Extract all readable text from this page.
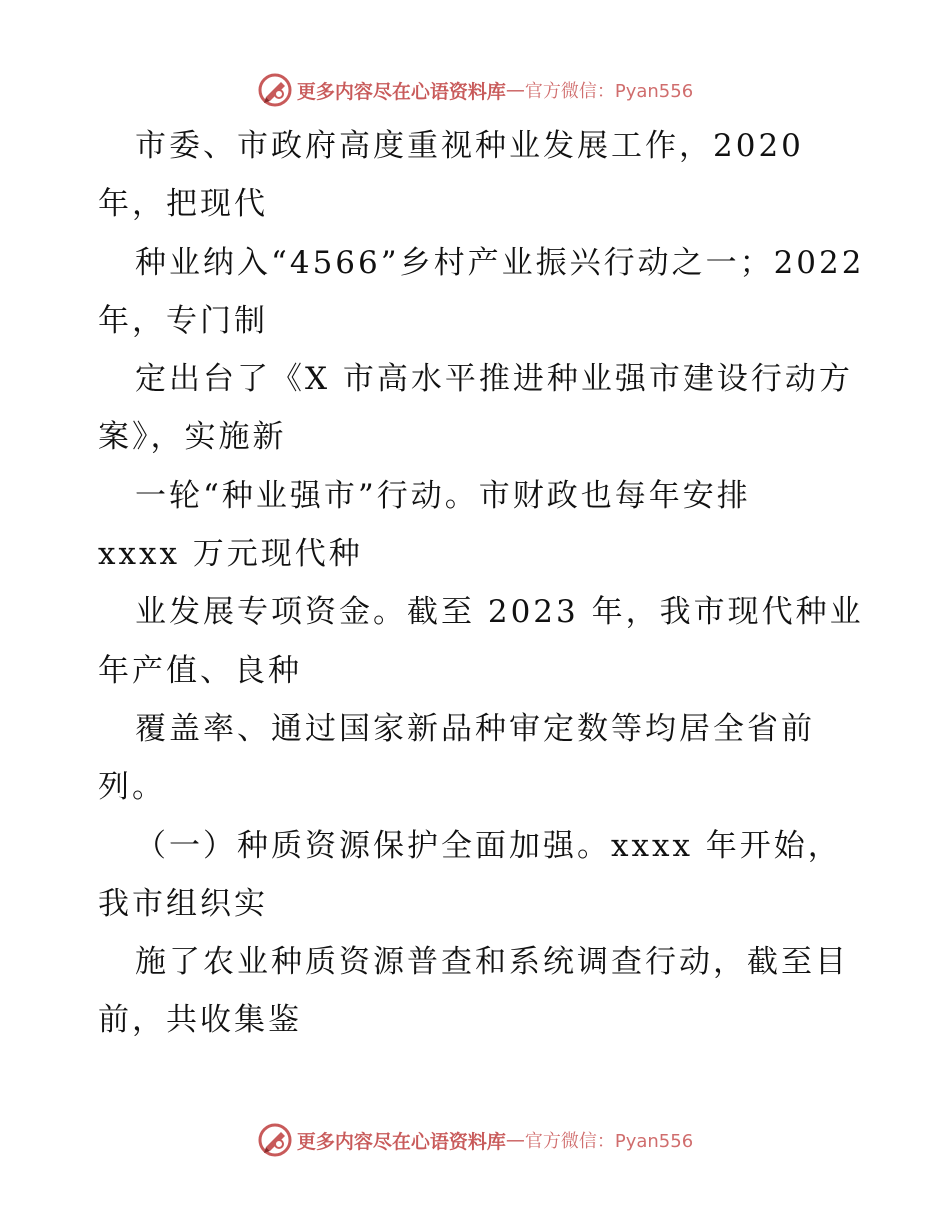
更多内容尽在心语资料库 — 官方微信：Pyan556
市委、市政府高度重视种业发展工作，2020
年，把现代
种业纳入“4566”乡村产业振兴行动之一；2022
年，专门制
定出台了《X 市高水平推进种业强市建设行动方
案》，实施新
一轮“种业强市”行动。市财政也每年安排
xxxx 万元现代种
业发展专项资金。截至 2023 年，我市现代种业
年产值、良种
覆盖率、通过国家新品种审定数等均居全省前
列。
（一）种质资源保护全面加强。xxxx 年开始，
我市组织实
施了农业种质资源普查和系统调查行动，截至目
前，共收集鉴
更多内容尽在心语资料库 — 官方微信：Pyan556
